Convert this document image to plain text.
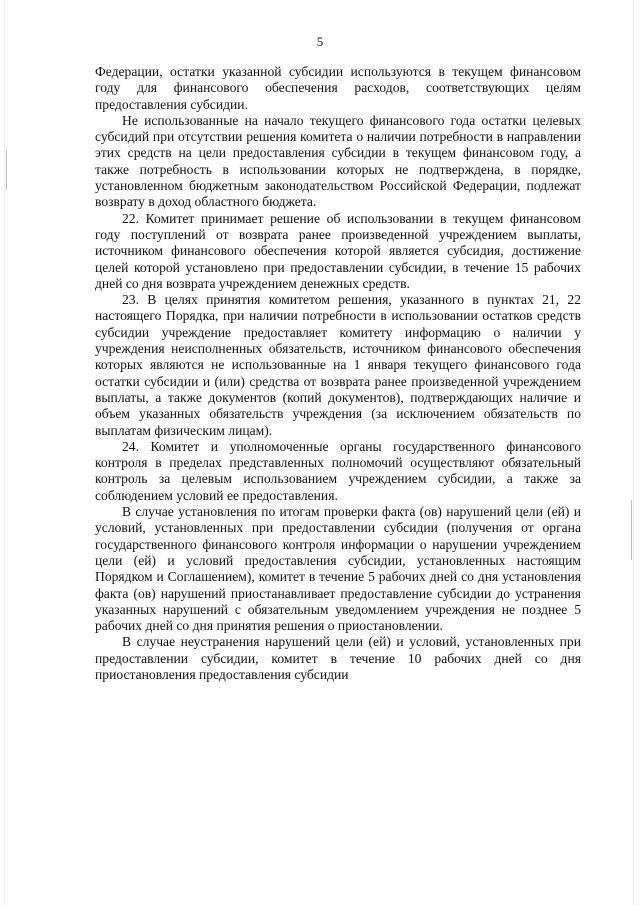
5

Федерации, остатки указанной субсидии используются в текущем финансовом году для финансового обеспечения расходов, соответствующих целям предоставления субсидии.

Не использованные на начало текущего финансового года остатки целевых субсидий при отсутствии решения комитета о наличии потребности в направлении этих средств на цели предоставления субсидии в текущем финансовом году, а также потребность в использовании которых не подтверждена, в порядке, установленном бюджетным законодательством Российской Федерации, подлежат возврату в доход областного бюджета.

22. Комитет принимает решение об использовании в текущем финансовом году поступлений от возврата ранее произведенной учреждением выплаты, источником финансового обеспечения которой является субсидия, достижение целей которой установлено при предоставлении субсидии, в течение 15 рабочих дней со дня возврата учреждением денежных средств.

23. В целях принятия комитетом решения, указанного в пунктах 21, 22 настоящего Порядка, при наличии потребности в использовании остатков средств субсидии учреждение предоставляет комитету информацию о наличии у учреждения неисполненных обязательств, источником финансового обеспечения которых являются не использованные на 1 января текущего финансового года остатки субсидии и (или) средства от возврата ранее произведенной учреждением выплаты, а также документов (копий документов), подтверждающих наличие и объем указанных обязательств учреждения (за исключением обязательств по выплатам физическим лицам).

24. Комитет и уполномоченные органы государственного финансового контроля в пределах представленных полномочий осуществляют обязательный контроль за целевым использованием учреждением субсидии, а также за соблюдением условий ее предоставления.

В случае установления по итогам проверки факта (ов) нарушений цели (ей) и условий, установленных при предоставлении субсидии (получения от органа государственного финансового контроля информации о нарушении учреждением цели (ей) и условий предоставления субсидии, установленных настоящим Порядком и Соглашением), комитет в течение 5 рабочих дней со дня установления факта (ов) нарушений приостанавливает предоставление субсидии до устранения указанных нарушений с обязательным уведомлением учреждения не позднее 5 рабочих дней со дня принятия решения о приостановлении.

В случае неустранения нарушений цели (ей) и условий, установленных при предоставлении субсидии, комитет в течение 10 рабочих дней со дня приостановления предоставления субсидии
